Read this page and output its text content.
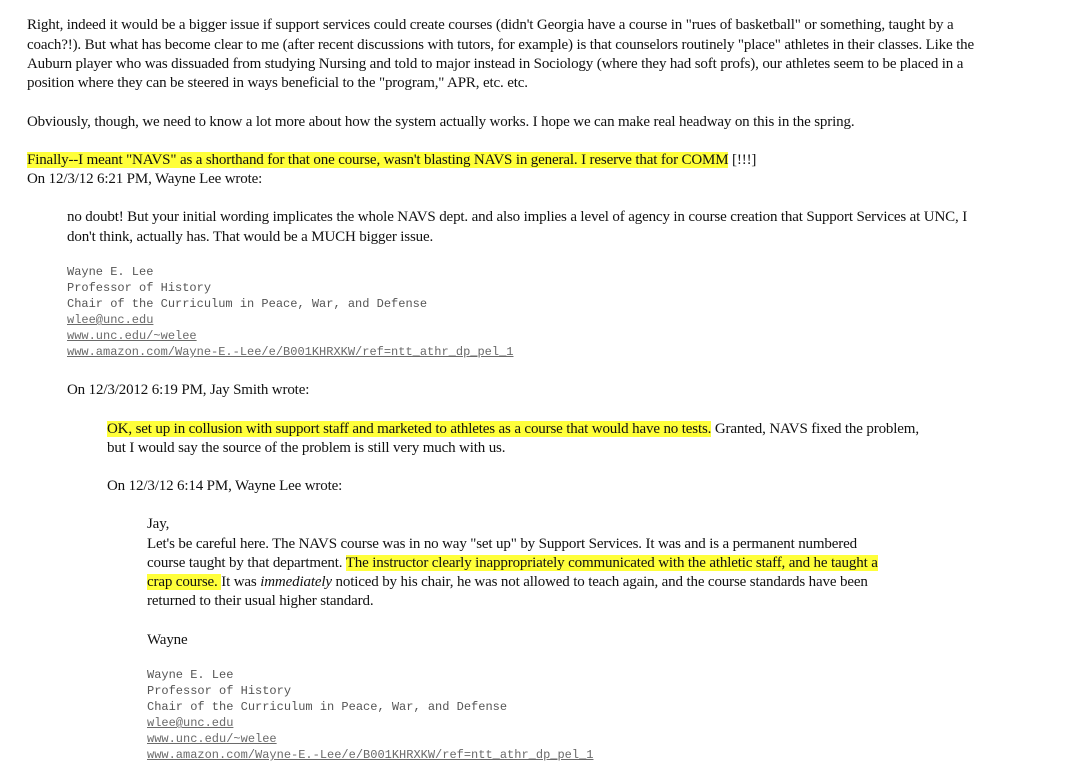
Right, indeed it would be a bigger issue if support services could create courses (didn't Georgia have a course in "rues of basketball" or something, taught by a
coach?!). But what has become clear to me (after recent discussions with tutors, for example) is that counselors routinely "place" athletes in their classes. Like the
Auburn player who was dissuaded from studying Nursing and told to major instead in Sociology (where they had soft profs), our athletes seem to be placed in a
position where they can be steered in ways beneficial to the "program," APR, etc. etc.
Obviously, though, we need to know a lot more about how the system actually works. I hope we can make real headway on this in the spring.
Finally--I meant "NAVS" as a shorthand for that one course, wasn't blasting NAVS in general. I reserve that for COMM [!!!]
On 12/3/12 6:21 PM, Wayne Lee wrote:
no doubt! But your initial wording implicates the whole NAVS dept. and also implies a level of agency in course creation that Support Services at UNC, I
don't think, actually has. That would be a MUCH bigger issue.
Wayne E. Lee
Professor of History
Chair of the Curriculum in Peace, War, and Defense
wlee@unc.edu
www.unc.edu/~welee
www.amazon.com/Wayne-E.-Lee/e/B001KHRXKW/ref=ntt_athr_dp_pel_1
On 12/3/2012 6:19 PM, Jay Smith wrote:
OK, set up in collusion with support staff and marketed to athletes as a course that would have no tests. Granted, NAVS fixed the problem,
but I would say the source of the problem is still very much with us.
On 12/3/12 6:14 PM, Wayne Lee wrote:
Jay,
Let's be careful here. The NAVS course was in no way "set up" by Support Services. It was and is a permanent numbered
course taught by that department. The instructor clearly inappropriately communicated with the athletic staff, and he taught a
crap course. It was immediately noticed by his chair, he was not allowed to teach again, and the course standards have been
returned to their usual higher standard.
Wayne
Wayne E. Lee
Professor of History
Chair of the Curriculum in Peace, War, and Defense
wlee@unc.edu
www.unc.edu/~welee
www.amazon.com/Wayne-E.-Lee/e/B001KHRXKW/ref=ntt_athr_dp_pel_1
